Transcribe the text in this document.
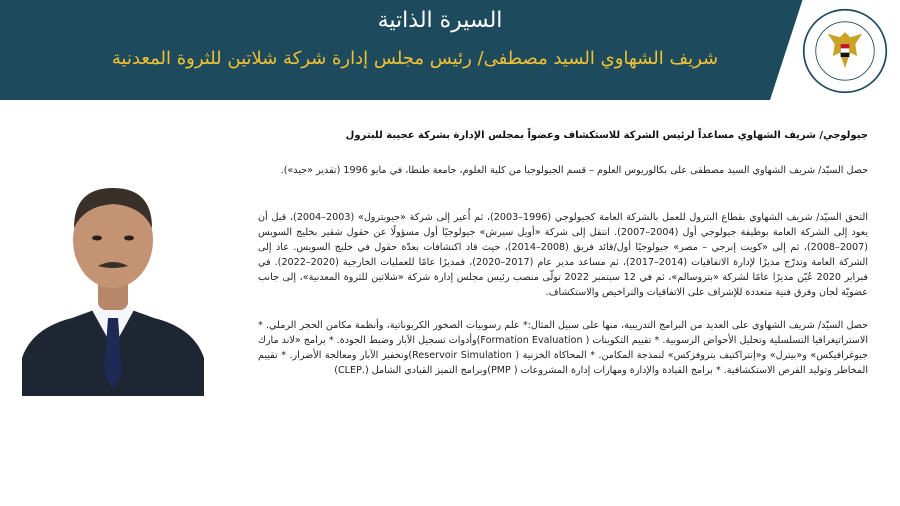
السيرة الذاتية
شريف الشهاوي السيد مصطفى/ رئيس مجلس إدارة شركة شلاتين للثروة المعدنية
جيولوجي/ شريف الشهاوي مساعداً لرئيس الشركة للاستكشاف وعضواً بمجلس الإدارة بشركة عجيبة للبترول
حصل السيّد/ شريف الشهاوي السيد مصطفى على بكالوريوس العلوم – قسم الجيولوجيا من كلية العلوم، جامعة طنطا، في مايو 1996 (تقدير «جيد»).
التحق السيّد/ شريف الشهاوي بقطاع البترول للعمل بالشركة العامة كجيولوجي (1996–2003)، ثم أُعير إلى شركة «جيوبترول» (2003–2004)، قبل أن يعود إلى الشركة العامة بوظيفة جيولوجي أول (2004–2007). انتقل إلى شركة «أويل سيرش» جيولوجيًا أول مسؤولًا عن حقول شقير بخليج السويس (2007–2008)، ثم إلى «كويت إنرجي – مصر» جيولوجيًا أول/قائد فريق (2008–2014)، حيث قاد اكتشافات بعدّة حقول في خليج السويس. عاد إلى الشركة العامة وتدرّج مديرًا لإدارة الاتفاقيات (2014–2017)، ثم مساعد مدير عام (2017–2020)، فمديرًا عامًا للعمليات الخارجية (2020–2022). في فبراير 2020 عُيّن مديرًا عامًا لشركة «بتروسالم»، ثم في 12 سبتمبر 2022 تولّى منصب رئيس مجلس إدارة شركة «شلاتين للثروة المعدنية»، إلى جانب عضويّة لجان وفرق فنية متعددة للإشراف على الاتفاقيات والتراخيص والاستكشاف.
حصل السيّد/ شريف الشهاوي على العديد من البرامج التدريبية، منها على سبيل المثال:* علم رسوبيات الصخور الكربوناتية، وأنظمة مكامن الحجر الرملي. * الاستراتيغرافيا التسلسلية وتحليل الأحواض الرسوبية. * تقييم التكوينات ( Formation Evaluation)وأدوات تسجيل الآبار وضبط الجودة. * برامج «لاند مارك جيوغرافيكس» و«بيترل» و«إنتراكتيف بتروفزكس» لنمذجة المكامن. * المحاكاة الخزنية ( Reservoir Simulation)وتحفيز الآبار ومعالجة الأضرار. * تقييم المخاطر وتوليد الفرص الاستكشافية. * برامج القيادة والإدارة ومهارات إدارة المشروعات ( PMP)وبرامج التميز القيادي الشامل (.CLEP)
